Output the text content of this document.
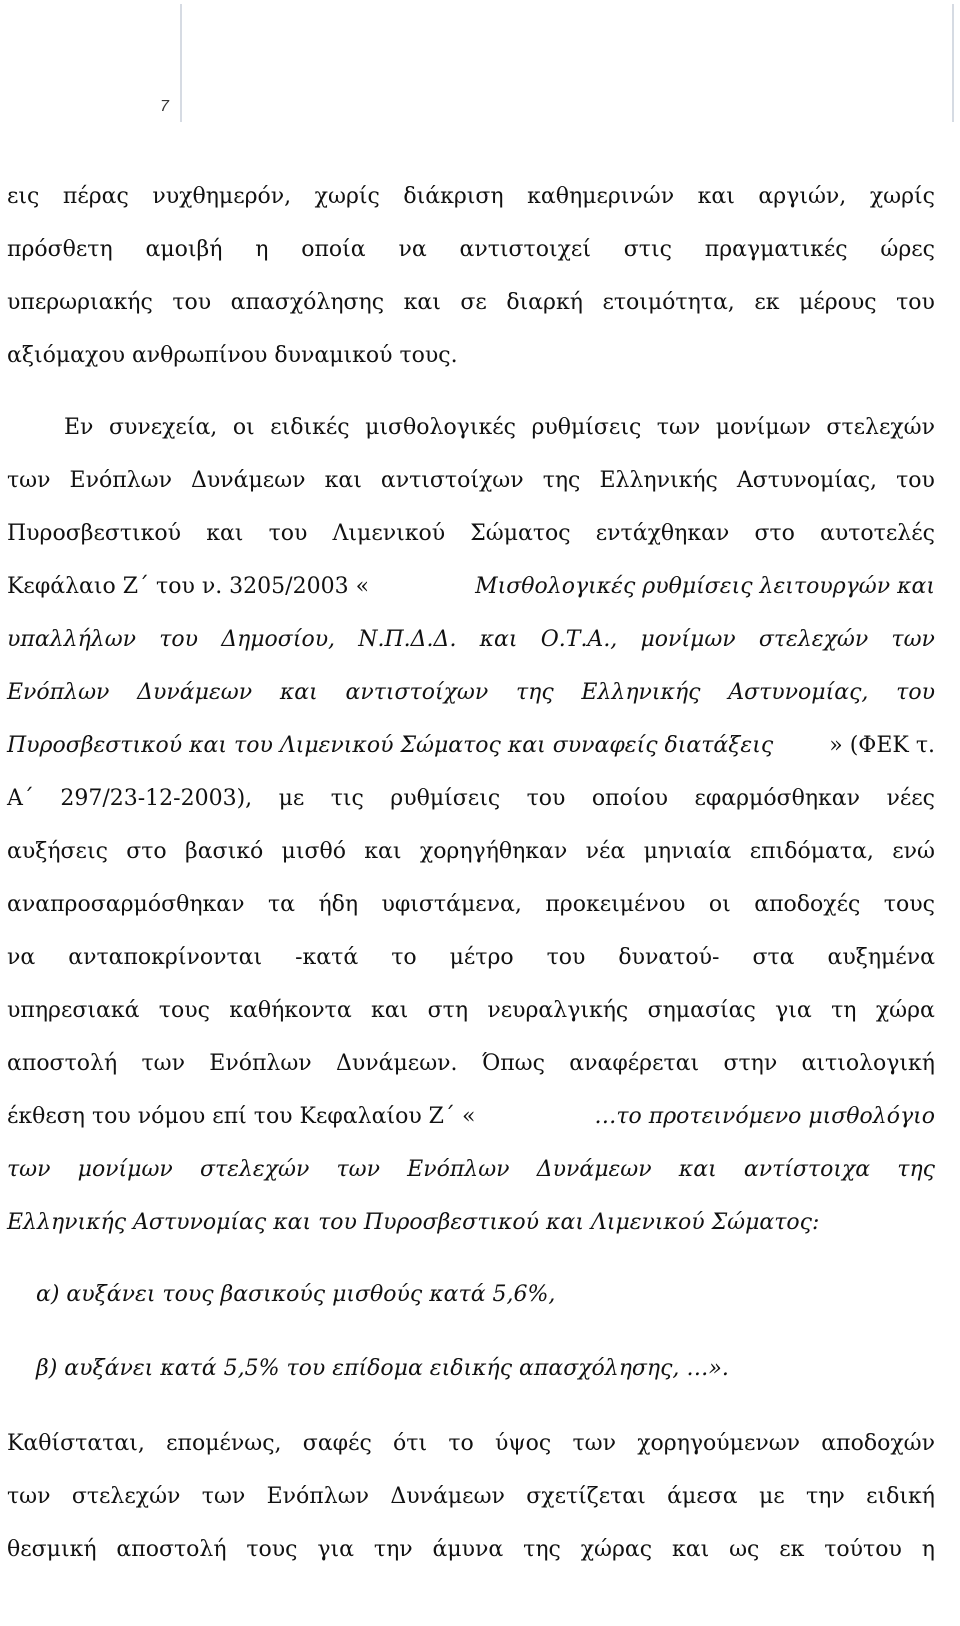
7
εις πέρας νυχθημερόν, χωρίς διάκριση καθημερινών και αργιών, χωρίς
πρόσθετη αμοιβή η οποία να αντιστοιχεί στις πραγματικές ώρες
υπερωριακής του απασχόλησης και σε διαρκή ετοιμότητα, εκ μέρους του
αξιόμαχου ανθρωπίνου δυναμικού τους.
Εν συνεχεία, οι ειδικές μισθολογικές ρυθμίσεις των μονίμων στελεχών
των Ενόπλων Δυνάμεων και αντιστοίχων της Ελληνικής Αστυνομίας, του
Πυροσβεστικού και του Λιμενικού Σώματος εντάχθηκαν στο αυτοτελές
Κεφάλαιο Ζ΄ του ν. 3205/2003 «	Μισθολογικές ρυθμίσεις λειτουργών και
υπαλλήλων του Δημοσίου, Ν.Π.Δ.Δ. και Ο.Τ.Α., μονίμων στελεχών των
Ενόπλων Δυνάμεων και αντιστοίχων της Ελληνικής Αστυνομίας, του
Πυροσβεστικού και του Λιμενικού Σώματος και συναφείς διατάξεις	» (ΦΕΚ τ.
Α΄ 297/23-12-2003), με τις ρυθμίσεις του οποίου εφαρμόσθηκαν νέες
αυξήσεις στο βασικό μισθό και χορηγήθηκαν νέα μηνιαία επιδόματα, ενώ
αναπροσαρμόσθηκαν τα ήδη υφιστάμενα, προκειμένου οι αποδοχές τους
να ανταποκρίνονται -κατά το μέτρο του δυνατού- στα αυξημένα
υπηρεσιακά τους καθήκοντα και στη νευραλγικής σημασίας για τη χώρα
αποστολή των Ενόπλων Δυνάμεων. Όπως αναφέρεται στην αιτιολογική
έκθεση του νόμου επί του Κεφαλαίου Ζ΄ «	…το προτεινόμενο μισθολόγιο
των μονίμων στελεχών των Ενόπλων Δυνάμεων και αντίστοιχα της
Ελληνικής Αστυνομίας και του Πυροσβεστικού και Λιμενικού Σώματος:
α) αυξάνει τους βασικούς μισθούς κατά 5,6%,
β) αυξάνει κατά 5,5% του επίδομα ειδικής απασχόλησης, …».
Καθίσταται, επομένως, σαφές ότι το ύψος των χορηγούμενων αποδοχών
των στελεχών των Ενόπλων Δυνάμεων σχετίζεται άμεσα με την ειδική
θεσμική αποστολή τους για την άμυνα της χώρας και ως εκ τούτου η
